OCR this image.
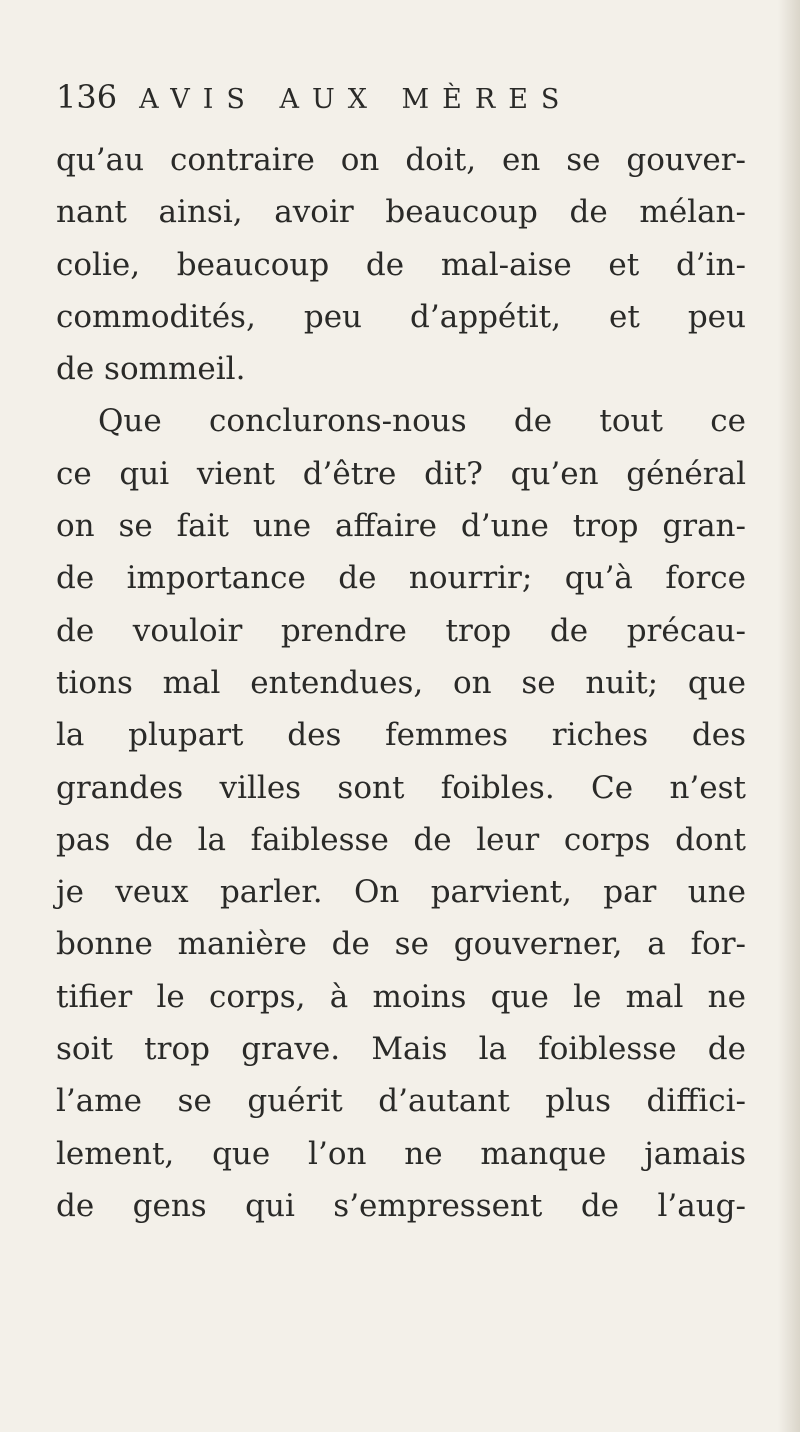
136 AVIS AUX MÈRES
qu’au contraire on doit, en se gouver-
nant ainsi, avoir beaucoup de mélan-
colie, beaucoup de mal-aise et d’in-
commodités, peu d’appétit, et peu
de sommeil.
Que conclurons-nous de tout ce
ce qui vient d’être dit? qu’en général
on se fait une affaire d’une trop gran-
de importance de nourrir; qu’à force
de vouloir prendre trop de précau-
tions mal entendues, on se nuit; que
la plupart des femmes riches des
grandes villes sont foibles. Ce n’est
pas de la faiblesse de leur corps dont
je veux parler. On parvient, par une
bonne manière de se gouverner, a for-
tifier le corps, à moins que le mal ne
soit trop grave. Mais la foiblesse de
l’ame se guérit d’autant plus diffici-
lement, que l’on ne manque jamais
de gens qui s’empressent de l’aug-
